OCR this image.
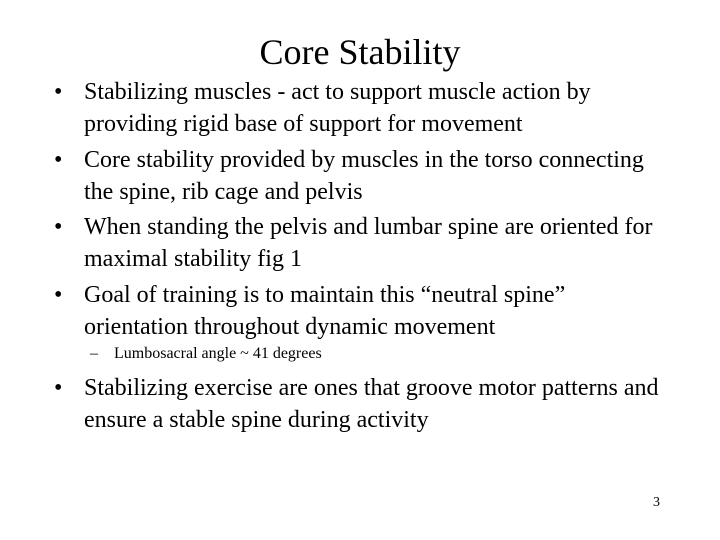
Core Stability
• Stabilizing muscles - act to support muscle action by providing rigid base of support for movement
• Core stability provided by muscles in the torso connecting the spine, rib cage and pelvis
• When standing the pelvis and lumbar spine are oriented for maximal stability fig 1
• Goal of training is to maintain this “neutral spine” orientation throughout dynamic movement
– Lumbosacral angle ~ 41 degrees
• Stabilizing exercise are ones that groove motor patterns and ensure a stable spine during activity
3
